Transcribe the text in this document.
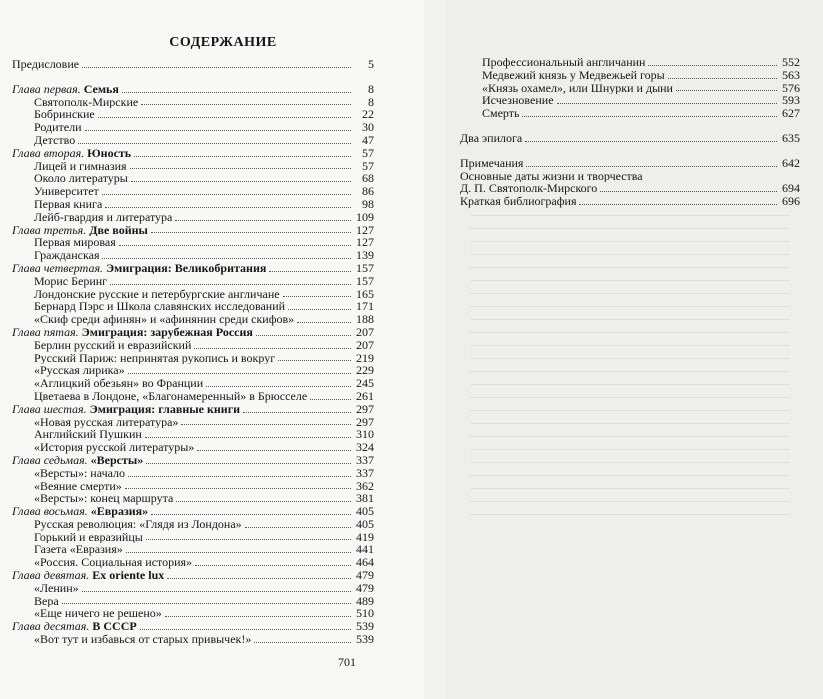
СОДЕРЖАНИЕ
Предисловие	5
Глава первая. Семья	8
Святополк-Мирские	8
Бобринские	22
Родители	30
Детство	47
Глава вторая. Юность	57
Лицей и гимназия	57
Около литературы	68
Университет	86
Первая книга	98
Лейб-гвардия и литература	109
Глава третья. Две войны	127
Первая мировая	127
Гражданская	139
Глава четвертая. Эмиграция: Великобритания	157
Морис Беринг	157
Лондонские русские и петербургские англичане	165
Бернард Пэрс и Школа славянских исследований	171
«Скиф среди афинян» и «афинянин среди скифов»	188
Глава пятая. Эмиграция: зарубежная Россия	207
Берлин русский и евразийский	207
Русский Париж: непринятая рукопись и вокруг	219
«Русская лирика»	229
«Аглицкий обезьян» во Франции	245
Цветаева в Лондоне, «Благонамеренный» в Брюсселе	261
Глава шестая. Эмиграция: главные книги	297
«Новая русская литература»	297
Английский Пушкин	310
«История русской литературы»	324
Глава седьмая. «Версты»	337
«Версты»: начало	337
«Веяние смерти»	362
«Версты»: конец маршрута	381
Глава восьмая. «Евразия»	405
Русская революция: «Глядя из Лондона»	405
Горький и евразийцы	419
Газета «Евразия»	441
«Россия. Социальная история»	464
Глава девятая. Ex oriente lux	479
«Ленин»	479
Вера	489
«Еще ничего не решено»	510
Глава десятая. В СССР	539
«Вот тут и избавься от старых привычек!»	539
Профессиональный англичанин	552
Медвежий князь у Медвежьей горы	563
«Князь охамел», или Шнурки и дыни	576
Исчезновение	593
Смерть	627
Два эпилога	635
Примечания	642
Основные даты жизни и творчества
Д. П. Святополк-Мирского	694
Краткая библиография	696
701
